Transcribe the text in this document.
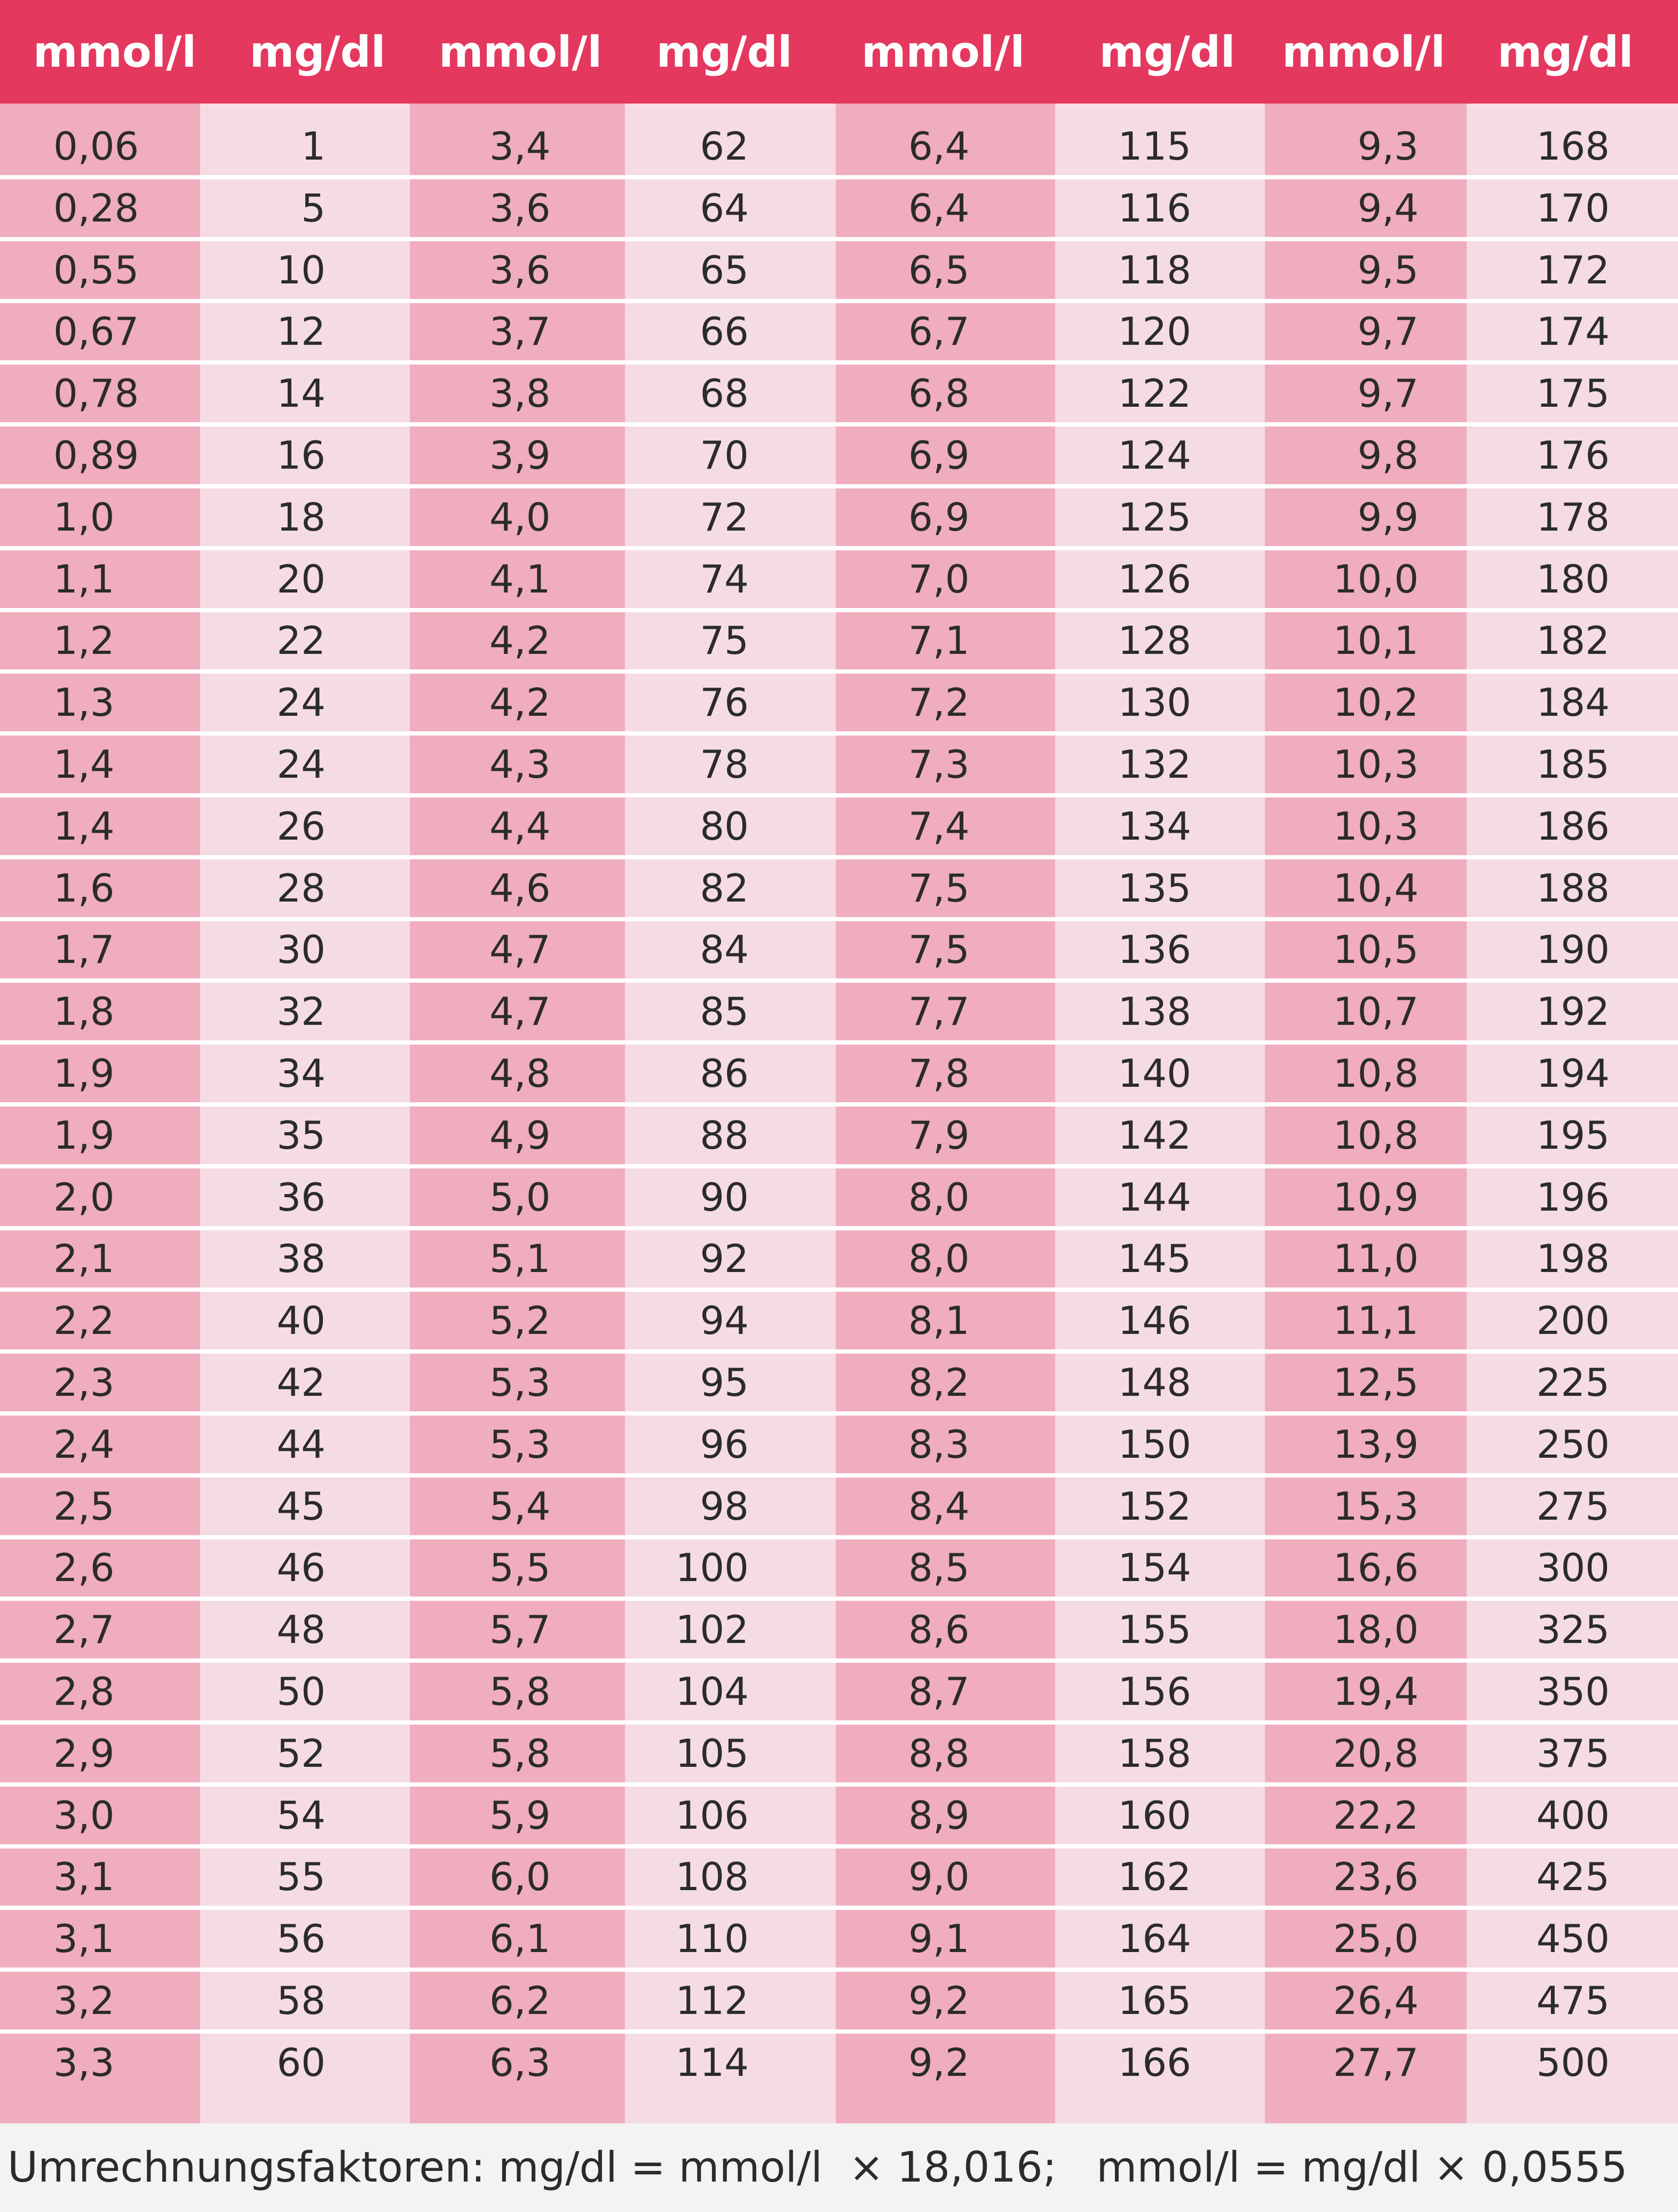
mmol/l mg/dl mmol/l mg/dl mmol/l mg/dl mmol/l mg/dl
0,06	1	3,4	62	6,4	115	9,3	168
0,28	5	3,6	64	6,4	116	9,4	170
0,55	10	3,6	65	6,5	118	9,5	172
0,67	12	3,7	66	6,7	120	9,7	174
0,78	14	3,8	68	6,8	122	9,7	175
0,89	16	3,9	70	6,9	124	9,8	176
1,0	18	4,0	72	6,9	125	9,9	178
1,1	20	4,1	74	7,0	126	10,0	180
1,2	22	4,2	75	7,1	128	10,1	182
1,3	24	4,2	76	7,2	130	10,2	184
1,4	24	4,3	78	7,3	132	10,3	185
1,4	26	4,4	80	7,4	134	10,3	186
1,6	28	4,6	82	7,5	135	10,4	188
1,7	30	4,7	84	7,5	136	10,5	190
1,8	32	4,7	85	7,7	138	10,7	192
1,9	34	4,8	86	7,8	140	10,8	194
1,9	35	4,9	88	7,9	142	10,8	195
2,0	36	5,0	90	8,0	144	10,9	196
2,1	38	5,1	92	8,0	145	11,0	198
2,2	40	5,2	94	8,1	146	11,1	200
2,3	42	5,3	95	8,2	148	12,5	225
2,4	44	5,3	96	8,3	150	13,9	250
2,5	45	5,4	98	8,4	152	15,3	275
2,6	46	5,5	100	8,5	154	16,6	300
2,7	48	5,7	102	8,6	155	18,0	325
2,8	50	5,8	104	8,7	156	19,4	350
2,9	52	5,8	105	8,8	158	20,8	375
3,0	54	5,9	106	8,9	160	22,2	400
3,1	55	6,0	108	9,0	162	23,6	425
3,1	56	6,1	110	9,1	164	25,0	450
3,2	58	6,2	112	9,2	165	26,4	475
3,3	60	6,3	114	9,2	166	27,7	500
Umrechnungsfaktoren: mg/dl = mmol/l  × 18,016;   mmol/l = mg/dl × 0,0555
